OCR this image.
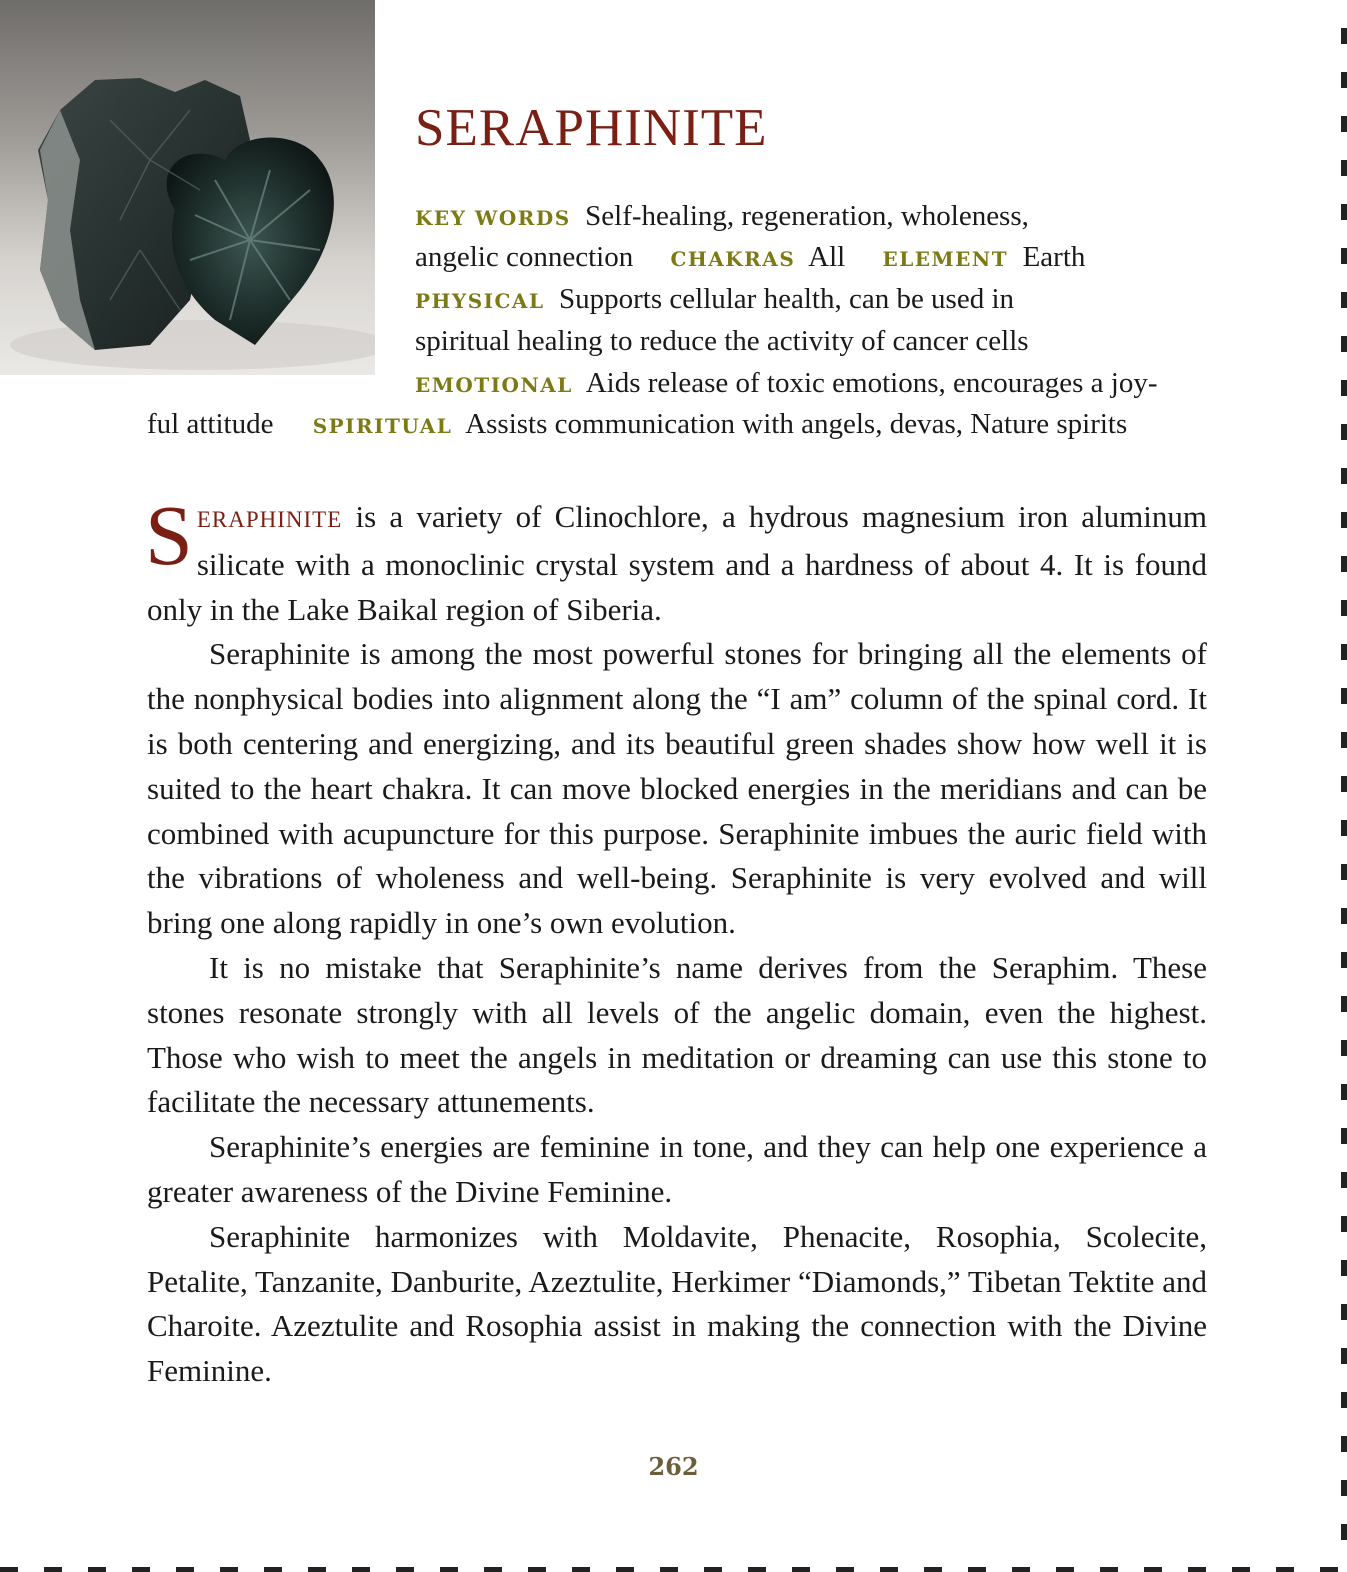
SERAPHINITE
KEY WORDS Self-healing, regeneration, wholeness,
angelic connection CHAKRAS All ELEMENT Earth
PHYSICAL Supports cellular health, can be used in
spiritual healing to reduce the activity of cancer cells
EMOTIONAL Aids release of toxic emotions, encourages a joy-
ful attitude SPIRITUAL Assists communication with angels, devas, Nature spirits

SERAPHINITE is a variety of Clinochlore, a hydrous magnesium iron aluminum silicate with a monoclinic crystal system and a hardness of about 4. It is found only in the Lake Baikal region of Siberia.

Seraphinite is among the most powerful stones for bringing all the elements of the nonphysical bodies into alignment along the “I am” column of the spinal cord. It is both centering and energizing, and its beautiful green shades show how well it is suited to the heart chakra. It can move blocked energies in the meridians and can be combined with acupuncture for this purpose. Seraphinite imbues the auric field with the vibrations of wholeness and well-being. Seraphinite is very evolved and will bring one along rapidly in one’s own evolution.

It is no mistake that Seraphinite’s name derives from the Seraphim. These stones resonate strongly with all levels of the angelic domain, even the highest. Those who wish to meet the angels in meditation or dreaming can use this stone to facilitate the necessary attunements.

Seraphinite’s energies are feminine in tone, and they can help one experience a greater awareness of the Divine Feminine.

Seraphinite harmonizes with Moldavite, Phenacite, Rosophia, Scolecite, Petalite, Tanzanite, Danburite, Azeztulite, Herkimer “Diamonds,” Tibetan Tektite and Charoite. Azeztulite and Rosophia assist in making the connection with the Divine Feminine.

262
